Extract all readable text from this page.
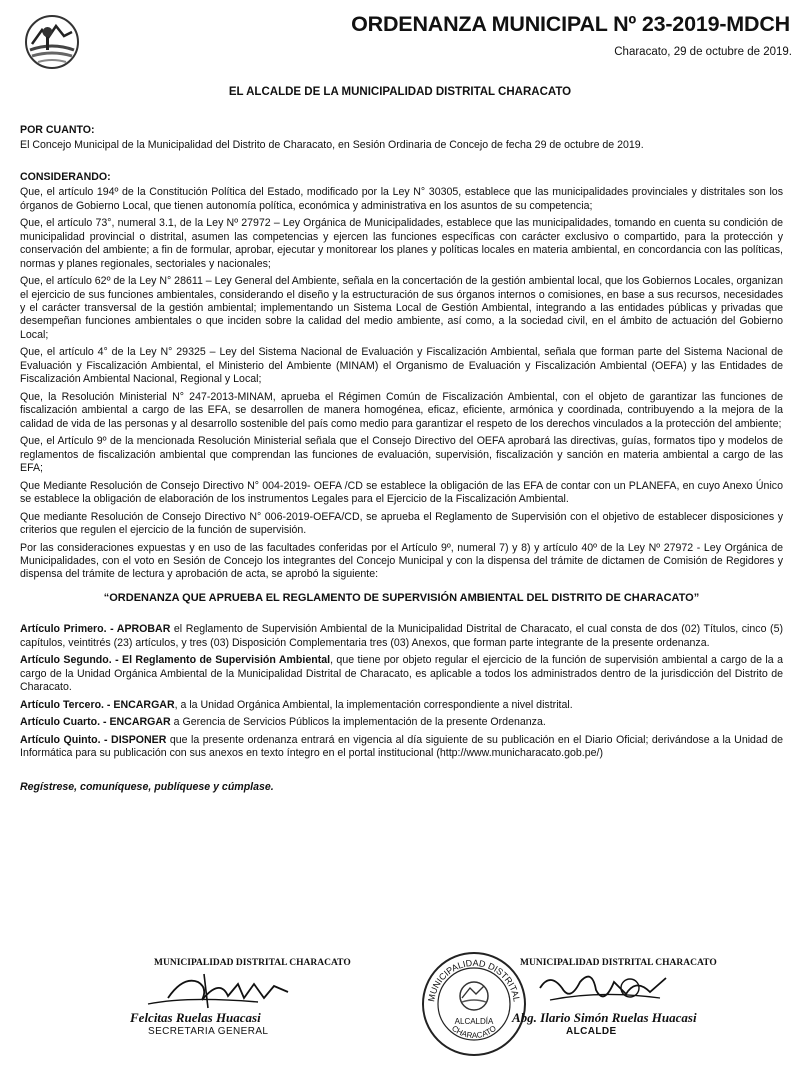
ORDENANZA MUNICIPAL Nº 23-2019-MDCH
Characato, 29 de octubre de 2019.
EL ALCALDE DE LA MUNICIPALIDAD DISTRITAL CHARACATO

POR CUANTO:

El Concejo Municipal de la Municipalidad del Distrito de Characato, en Sesión Ordinaria de Concejo de fecha 29 de octubre de 2019.

CONSIDERANDO:

Que, el artículo 194º de la Constitución Política del Estado, modificado por la Ley N° 30305, establece que las municipalidades provinciales y distritales son los órganos de Gobierno Local, que tienen autonomía política, económica y administrativa en los asuntos de su competencia;

Que, el artículo 73°, numeral 3.1, de la Ley Nº 27972 – Ley Orgánica de Municipalidades, establece que las municipalidades, tomando en cuenta su condición de municipalidad provincial o distrital, asumen las competencias y ejercen las funciones específicas con carácter exclusivo o compartido, para la protección y conservación del ambiente; a fin de formular, aprobar, ejecutar y monitorear los planes y políticas locales en materia ambiental, en concordancia con las políticas, normas y planes regionales, sectoriales y nacionales;

Que, el artículo 62º de la Ley N° 28611 – Ley General del Ambiente, señala en la concertación de la gestión ambiental local, que los Gobiernos Locales, organizan el ejercicio de sus funciones ambientales, considerando el diseño y la estructuración de sus órganos internos o comisiones, en base a sus recursos, necesidades y el carácter transversal de la gestión ambiental; implementando un Sistema Local de Gestión Ambiental, integrando a las entidades públicas y privadas que desempeñan funciones ambientales o que inciden sobre la calidad del medio ambiente, así como, a la sociedad civil, en el ámbito de actuación del Gobierno Local;

Que, el artículo 4° de la Ley N° 29325 – Ley del Sistema Nacional de Evaluación y Fiscalización Ambiental, señala que forman parte del Sistema Nacional de Evaluación y Fiscalización Ambiental, el Ministerio del Ambiente (MINAM) el Organismo de Evaluación y Fiscalización Ambiental (OEFA) y las Entidades de Fiscalización Ambiental Nacional, Regional y Local;

Que, la Resolución Ministerial N° 247-2013-MINAM, aprueba el Régimen Común de Fiscalización Ambiental, con el objeto de garantizar las funciones de fiscalización ambiental a cargo de las EFA, se desarrollen de manera homogénea, eficaz, eficiente, armónica y coordinada, contribuyendo a la mejora de la calidad de vida de las personas y al desarrollo sostenible del país como medio para garantizar el respeto de los derechos vinculados a la protección del ambiente;

Que, el Artículo 9º de la mencionada Resolución Ministerial señala que el Consejo Directivo del OEFA aprobará las directivas, guías, formatos tipo y modelos de reglamentos de fiscalización ambiental que comprendan las funciones de evaluación, supervisión, fiscalización y sanción en materia ambiental a cargo de las EFA;

Que Mediante Resolución de Consejo Directivo N° 004-2019- OEFA /CD se establece la obligación de las EFA de contar con un PLANEFA, en cuyo Anexo Único se establece la obligación de elaboración de los instrumentos Legales para el Ejercicio de la Fiscalización Ambiental.

Que mediante Resolución de Consejo Directivo N° 006-2019-OEFA/CD, se aprueba el Reglamento de Supervisión con el objetivo de establecer disposiciones y criterios que regulen el ejercicio de la función de supervisión.

Por las consideraciones expuestas y en uso de las facultades conferidas por el Artículo 9º, numeral 7) y 8) y artículo 40º de la Ley Nº 27972 - Ley Orgánica de Municipalidades, con el voto en Sesión de Concejo los integrantes del Concejo Municipal y con la dispensa del trámite de dictamen de Comisión de Regidores y dispensa del trámite de lectura y aprobación de acta, se aprobó la siguiente:

“ORDENANZA QUE APRUEBA EL REGLAMENTO DE SUPERVISIÓN AMBIENTAL DEL DISTRITO DE CHARACATO”

Artículo Primero. - APROBAR el Reglamento de Supervisión Ambiental de la Municipalidad Distrital de Characato, el cual consta de dos (02) Títulos, cinco (5) capítulos, veintitrés (23) artículos, y tres (03) Disposición Complementaria tres (03) Anexos, que forman parte integrante de la presente ordenanza.

Artículo Segundo. - El Reglamento de Supervisión Ambiental, que tiene por objeto regular el ejercicio de la función de supervisión ambiental a cargo de la a cargo de la Unidad Orgánica Ambiental de la Municipalidad Distrital de Characato, es aplicable a todos los administrados dentro de la jurisdicción del Distrito de Characato.

Artículo Tercero. - ENCARGAR, a la Unidad Orgánica Ambiental, la implementación correspondiente a nivel distrital.

Artículo Cuarto. - ENCARGAR a Gerencia de Servicios Públicos la implementación de la presente Ordenanza.

Artículo Quinto. - DISPONER que la presente ordenanza entrará en vigencia al día siguiente de su publicación en el Diario Oficial; derivándose a la Unidad de Informática para su publicación con sus anexos en texto íntegro en el portal institucional (http://www.municharacato.gob.pe/)

Regístrese, comuníquese, publíquese y cúmplase.

MUNICIPALIDAD DISTRITAL CHARACATO
Felcitas Ruelas Huacasi
SECRETARIA GENERAL
MUNICIPALIDAD DISTRITAL
CHARACATO
ALCALDÍA
MUNICIPALIDAD DISTRITAL CHARACATO
Abg. Ilario Simón Ruelas Huacasi
ALCALDE
